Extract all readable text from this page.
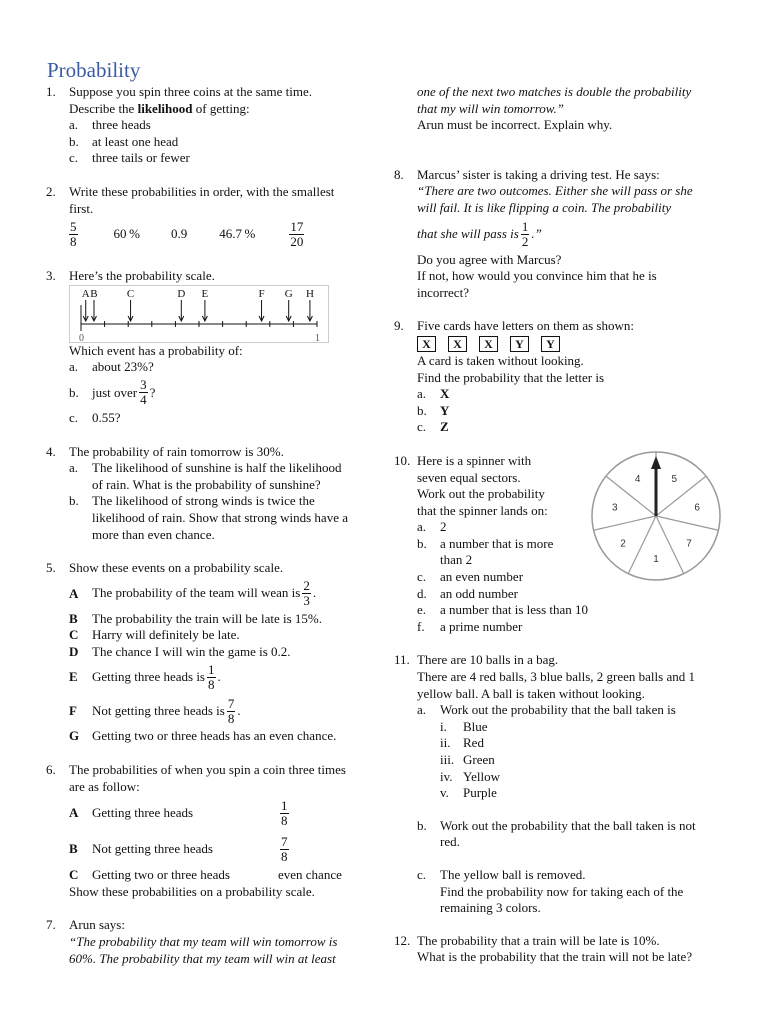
Probability
1. Suppose you spin three coins at the same time.
Describe the likelihood of getting:
a. three heads
b. at least one head
c. three tails or fewer
2. Write these probabilities in order, with the smallest
first.
$\frac{5}{8}$	60 % 0.9 46.7 %	$\frac{17}{20}$
3. Here’s the probability scale.
A B	C	D E	F G H
0	1
Which event has a probability of:
a. about 23%?
b. just over $\frac{3}{4}$ ?
c. 0.55?
4. The probability of rain tomorrow is 30%.
a. The likelihood of sunshine is half the likelihood
of rain. What is the probability of sunshine?
b. The likelihood of strong winds is twice the
likelihood of rain. Show that strong winds have a
more than even chance.
5. Show these events on a probability scale.
A The probability of the team will wean is $\frac{2}{3}$ .
B The probability the train will be late is 15%.
C Harry will definitely be late.
D The chance I will win the game is 0.2.
E Getting three heads is $\frac{1}{8}$ .
F Not getting three heads is $\frac{7}{8}$ .
G Getting two or three heads has an even chance.
6. The probabilities of when you spin a coin three times
are as follow:
A Getting three heads	$\frac{1}{8}$
B Not getting three heads	$\frac{7}{8}$
C Getting two or three heads	even chance
Show these probabilities on a probability scale.
7. Arun says:
“The probability that my team will win tomorrow is
60%. The probability that my team will win at least
one of the next two matches is double the probability
that my will win tomorrow.”
Arun must be incorrect. Explain why.
8. Marcus’ sister is taking a driving test. He says:
“There are two outcomes. Either she will pass or she
will fail. It is like flipping a coin. The probability
that she will pass is $\frac{1}{2}$ .”
Do you agree with Marcus?
If not, how would you convince him that he is
incorrect?
9. Five cards have letters on them as shown:
X	X	X	Y	Y
A card is taken without looking.
Find the probability that the letter is
a. X
b. Y
c. Z
10. Here is a spinner with
seven equal sectors.
Work out the probability
that the spinner lands on:
a. 2
b. a number that is more
than 2
c. an even number
d. an odd number
e. a number that is less than 10
f. a prime number
5
6
7
1
2
3
4
11. There are 10 balls in a bag.
There are 4 red balls, 3 blue balls, 2 green balls and 1
yellow ball. A ball is taken without looking.
a. Work out the probability that the ball taken is
i. Blue
ii. Red
iii. Green
iv. Yellow
v. Purple
b. Work out the probability that the ball taken is not
red.
c. The yellow ball is removed.
Find the probability now for taking each of the
remaining 3 colors.
12. The probability that a train will be late is 10%.
What is the probability that the train will not be late?
